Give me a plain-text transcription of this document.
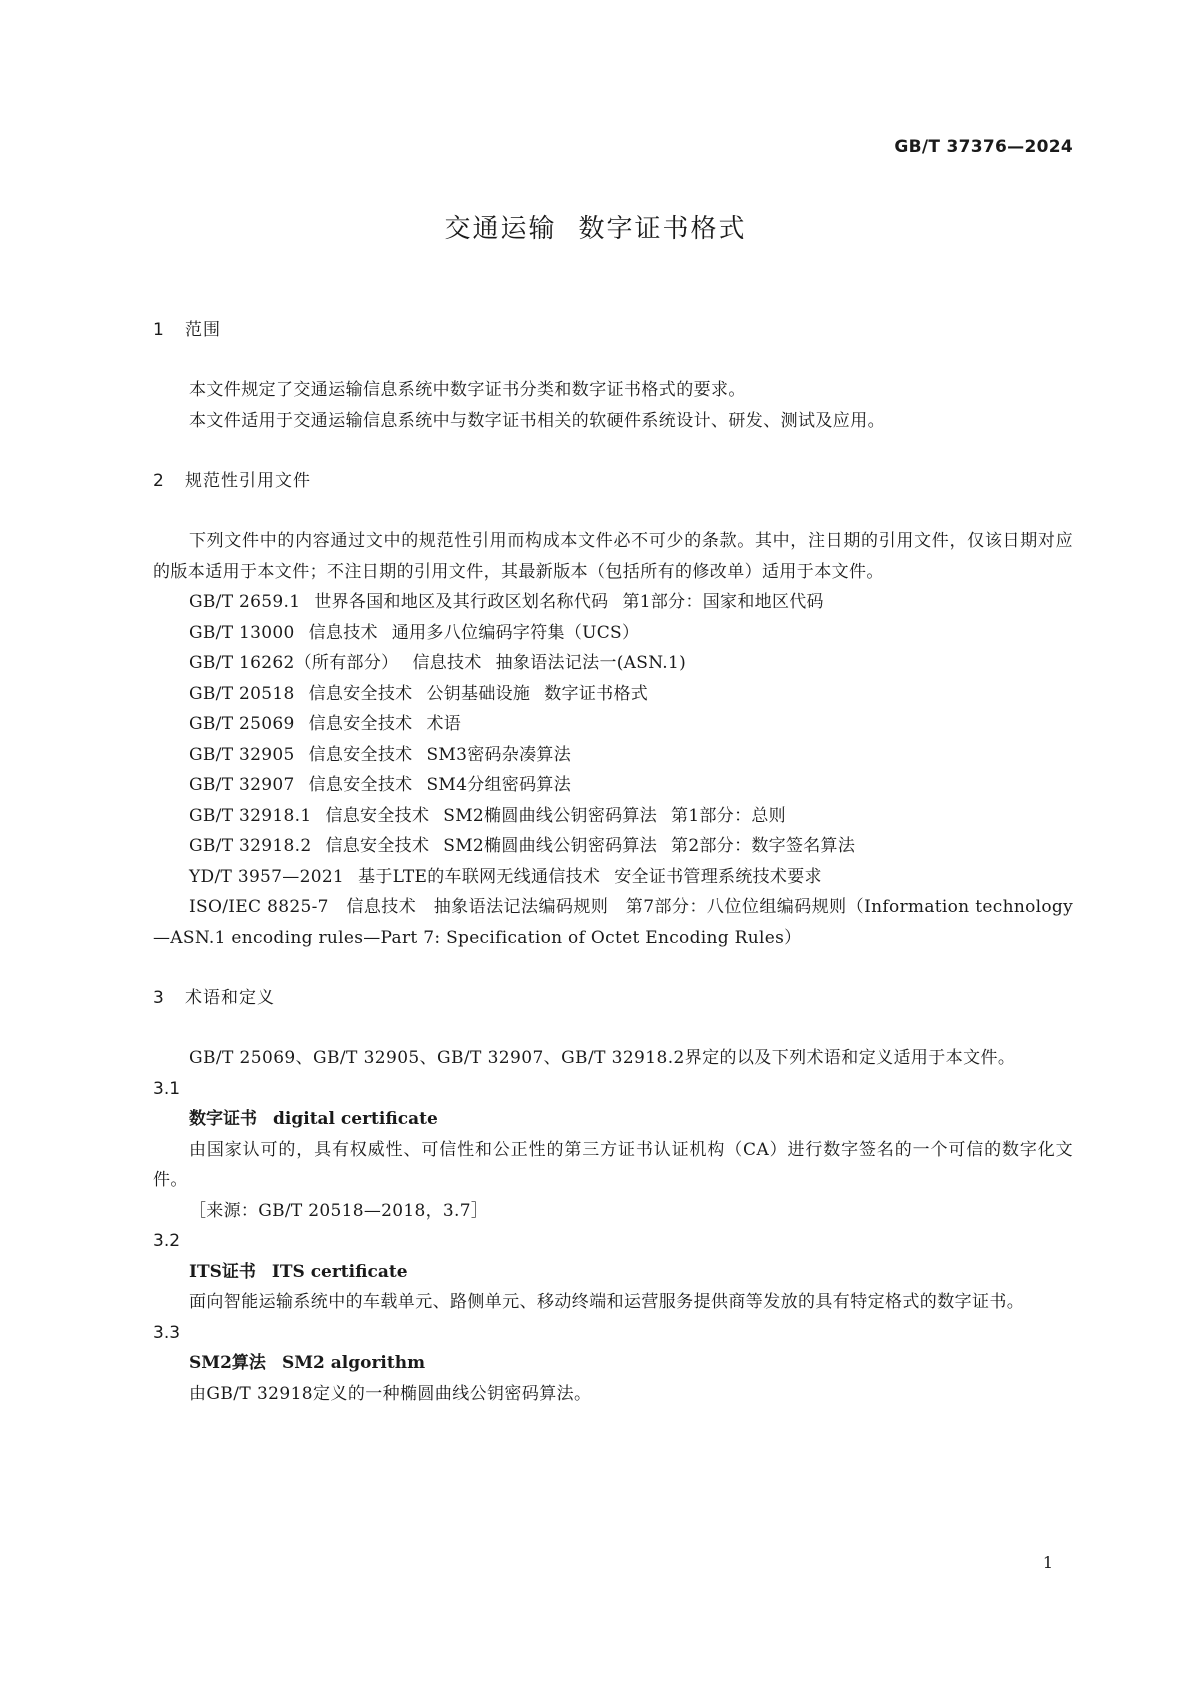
GB/T 37376—2024
交通运输 数字证书格式
1 范围

本文件规定了交通运输信息系统中数字证书分类和数字证书格式的要求。

本文件适用于交通运输信息系统中与数字证书相关的软硬件系统设计、研发、测试及应用。

2 规范性引用文件

下列文件中的内容通过文中的规范性引用而构成本文件必不可少的条款。其中，注日期的引用文件，仅该日期对应的版本适用于本文件；不注日期的引用文件，其最新版本（包括所有的修改单）适用于本文件。

GB/T 2659.1 世界各国和地区及其行政区划名称代码 第1部分：国家和地区代码
GB/T 13000 信息技术 通用多八位编码字符集（UCS）
GB/T 16262（所有部分） 信息技术 抽象语法记法一(ASN.1)
GB/T 20518 信息安全技术 公钥基础设施 数字证书格式
GB/T 25069 信息安全技术 术语
GB/T 32905 信息安全技术 SM3密码杂凑算法
GB/T 32907 信息安全技术 SM4分组密码算法
GB/T 32918.1 信息安全技术 SM2椭圆曲线公钥密码算法 第1部分：总则
GB/T 32918.2 信息安全技术 SM2椭圆曲线公钥密码算法 第2部分：数字签名算法
YD/T 3957—2021 基于LTE的车联网无线通信技术 安全证书管理系统技术要求

ISO/IEC 8825-7　信息技术　抽象语法记法编码规则　第7部分：八位位组编码规则（Information technology—ASN.1 encoding rules—Part 7: Specification of Octet Encoding Rules）

3 术语和定义

GB/T 25069、GB/T 32905、GB/T 32907、GB/T 32918.2界定的以及下列术语和定义适用于本文件。

3.1
数字证书 digital certificate

由国家认可的，具有权威性、可信性和公正性的第三方证书认证机构（CA）进行数字签名的一个可信的数字化文件。

［来源：GB/T 20518—2018，3.7］
3.2
ITS证书 ITS certificate

面向智能运输系统中的车载单元、路侧单元、移动终端和运营服务提供商等发放的具有特定格式的数字证书。

3.3
SM2算法 SM2 algorithm

由GB/T 32918定义的一种椭圆曲线公钥密码算法。

1
